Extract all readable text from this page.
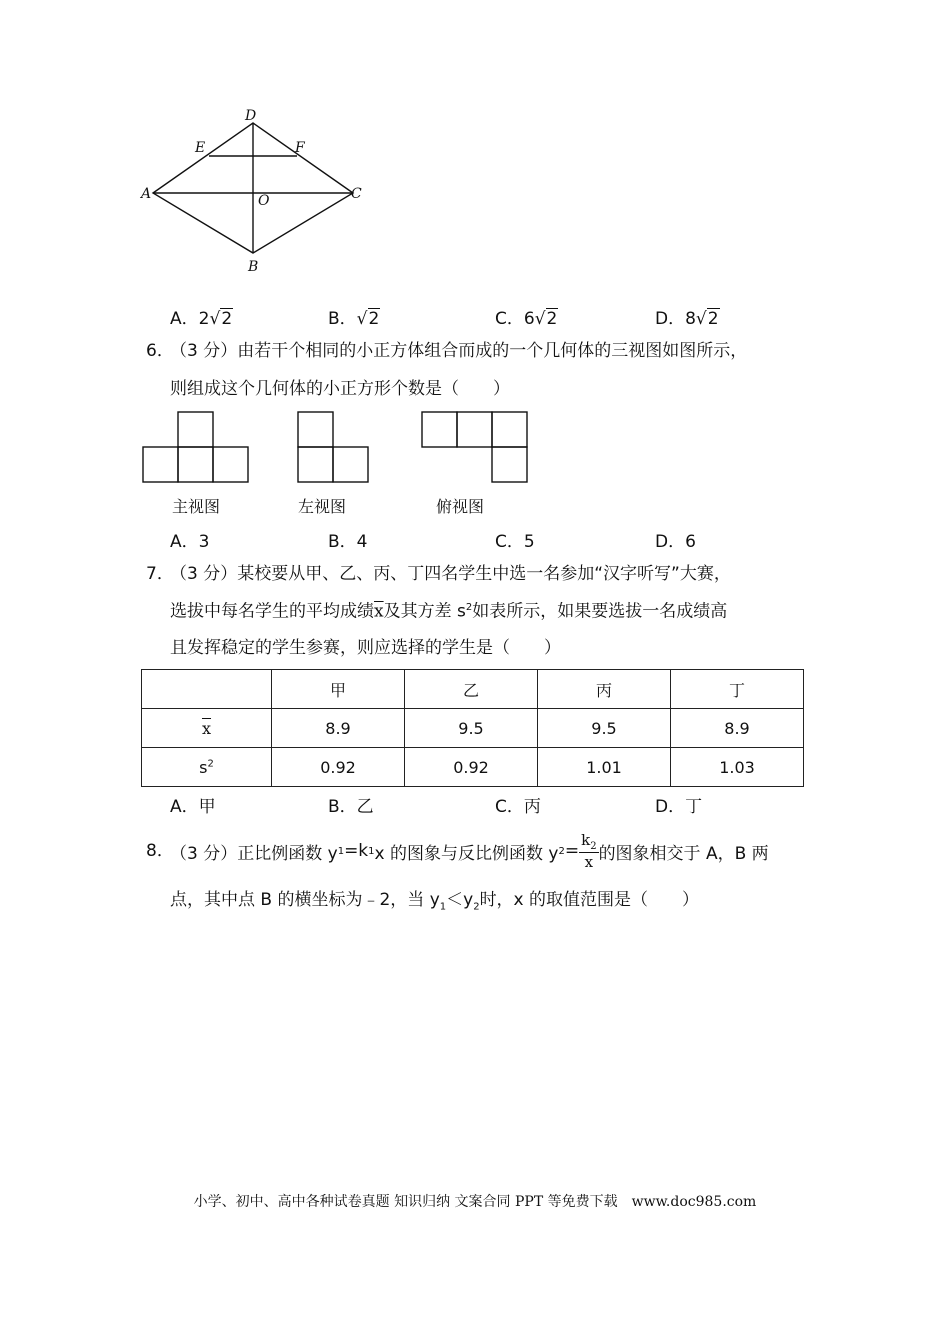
D
E	F
A	O	C
B
A．2√2	B．√2	C．6√2	D．8√2
6．
（3 分）由若干个相同的小正方体组合而成的一个几何体的三视图如图所示，
则组成这个几何体的小正方形个数是（　　）
主视图	左视图	俯视图
A．3	B．4	C．5	D．6
7．
（3 分）某校要从甲、乙、丙、丁四名学生中选一名参加“汉字听写”大赛，
选拔中每名学生的平均成绩$\overline{x}$及其方差 $s^2$如表所示，如果要选拔一名成绩高
且发挥稳定的学生参赛，则应选择的学生是（　　）
	甲	乙	丙	丁
$\overline{x}$	8.9	9.5	9.5	8.9
$s^2$	0.92	0.92	1.01	1.03
A．甲	B．乙	C．丙	D．丁
8．
（3 分）正比例函数 y 1 =k 1 x 的图象与反比例函数 y $2 = \frac{k_2}{x}$ 的图象相交于 A，B 两
点，其中点 B 的横坐标为﹣2，当 $y_1<y_2$时，x 的取值范围是（　　）
小学、初中、高中各种试卷真题 知识归纳 文案合同 PPT 等免费下载　www.doc985.com
